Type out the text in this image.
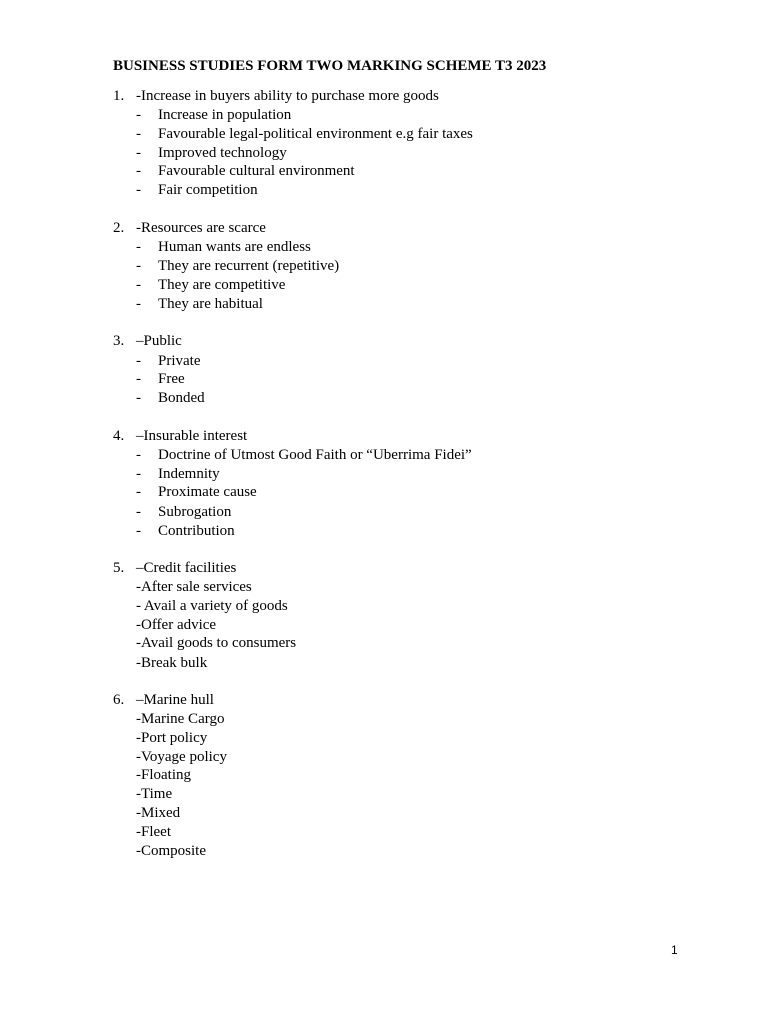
BUSINESS STUDIES FORM TWO MARKING SCHEME T3 2023
1. -Increase in buyers ability to purchase more goods
- Increase in population
- Favourable legal-political environment e.g fair taxes
- Improved technology
- Favourable cultural environment
- Fair competition
2. -Resources are scarce
- Human wants are endless
- They are recurrent (repetitive)
- They are competitive
- They are habitual
3. –Public
- Private
- Free
- Bonded
4. –Insurable interest
- Doctrine of Utmost Good Faith or “Uberrima Fidei”
- Indemnity
- Proximate cause
- Subrogation
- Contribution
5. –Credit facilities
-After sale services
- Avail a variety of goods
-Offer advice
-Avail goods to consumers
-Break bulk
6. –Marine hull
-Marine Cargo
-Port policy
-Voyage policy
-Floating
-Time
-Mixed
-Fleet
-Composite
1
